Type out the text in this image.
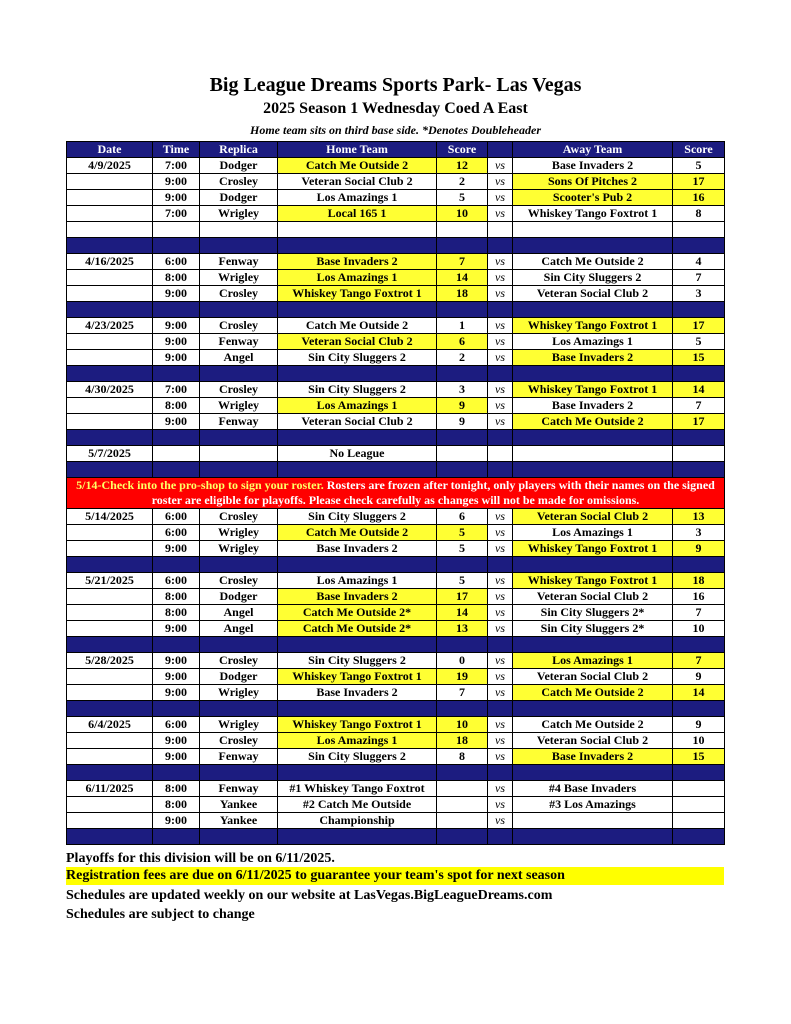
Big League Dreams Sports Park- Las Vegas
2025 Season 1 Wednesday Coed A East
Home team sits on third base side. *Denotes Doubleheader
Date	Time	Replica	Home Team	Score		Away Team	Score
4/9/2025	7:00	Dodger	Catch Me Outside 2	12	vs	Base Invaders 2	5
	9:00	Crosley	Veteran Social Club 2	2	vs	Sons Of Pitches 2	17
	9:00	Dodger	Los Amazings 1	5	vs	Scooter's Pub 2	16
	7:00	Wrigley	Local 165 1	10	vs	Whiskey Tango Foxtrot 1	8

4/16/2025	6:00	Fenway	Base Invaders 2	7	vs	Catch Me Outside 2	4
	8:00	Wrigley	Los Amazings 1	14	vs	Sin City Sluggers 2	7
	9:00	Crosley	Whiskey Tango Foxtrot 1	18	vs	Veteran Social Club 2	3

4/23/2025	9:00	Crosley	Catch Me Outside 2	1	vs	Whiskey Tango Foxtrot 1	17
	9:00	Fenway	Veteran Social Club 2	6	vs	Los Amazings 1	5
	9:00	Angel	Sin City Sluggers 2	2	vs	Base Invaders 2	15

4/30/2025	7:00	Crosley	Sin City Sluggers 2	3	vs	Whiskey Tango Foxtrot 1	14
	8:00	Wrigley	Los Amazings 1	9	vs	Base Invaders 2	7
	9:00	Fenway	Veteran Social Club 2	9	vs	Catch Me Outside 2	17

5/7/2025			No League				

5/14-Check into the pro-shop to sign your roster. Rosters are frozen after tonight, only players with their names on the signed roster are eligible for playoffs. Please check carefully as changes will not be made for omissions.							
5/14/2025	6:00	Crosley	Sin City Sluggers 2	6	vs	Veteran Social Club 2	13
	6:00	Wrigley	Catch Me Outside 2	5	vs	Los Amazings 1	3
	9:00	Wrigley	Base Invaders 2	5	vs	Whiskey Tango Foxtrot 1	9

5/21/2025	6:00	Crosley	Los Amazings 1	5	vs	Whiskey Tango Foxtrot 1	18
	8:00	Dodger	Base Invaders 2	17	vs	Veteran Social Club 2	16
	8:00	Angel	Catch Me Outside 2*	14	vs	Sin City Sluggers 2*	7
	9:00	Angel	Catch Me Outside 2*	13	vs	Sin City Sluggers 2*	10

5/28/2025	9:00	Crosley	Sin City Sluggers 2	0	vs	Los Amazings 1	7
	9:00	Dodger	Whiskey Tango Foxtrot 1	19	vs	Veteran Social Club 2	9
	9:00	Wrigley	Base Invaders 2	7	vs	Catch Me Outside 2	14

6/4/2025	6:00	Wrigley	Whiskey Tango Foxtrot 1	10	vs	Catch Me Outside 2	9
	9:00	Crosley	Los Amazings 1	18	vs	Veteran Social Club 2	10
	9:00	Fenway	Sin City Sluggers 2	8	vs	Base Invaders 2	15

6/11/2025	8:00	Fenway	#1 Whiskey Tango Foxtrot		vs	#4 Base Invaders	
	8:00	Yankee	#2 Catch Me Outside		vs	#3 Los Amazings	
	9:00	Yankee	Championship		vs		

Playoffs for this division will be on 6/11/2025.
Registration fees are due on 6/11/2025 to guarantee your team's spot for next season
Schedules are updated weekly on our website at LasVegas.BigLeagueDreams.com
Schedules are subject to change
